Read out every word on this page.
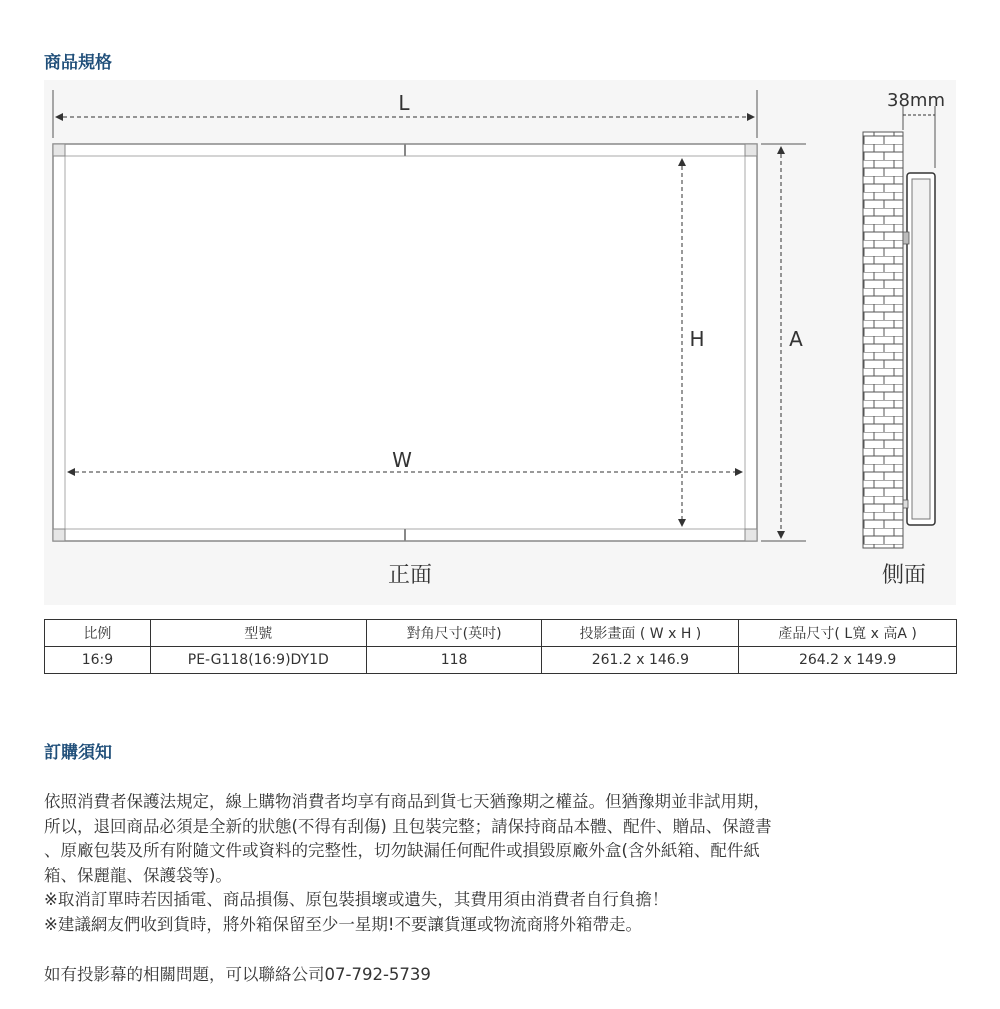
商品規格
L
W
H	A
正面
38mm
側面
比例	型號	對角尺寸(英吋)	投影畫面 ( W x H )	產品尺寸( L寬 x 高A )
16:9	PE-G118(16:9)DY1D	118	261.2 x 146.9	264.2 x 149.9
訂購須知
依照消費者保護法規定，線上購物消費者均享有商品到貨七天猶豫期之權益。但猶豫期並非試用期，
所以，退回商品必須是全新的狀態(不得有刮傷) 且包裝完整；請保持商品本體、配件、贈品、保證書
、原廠包裝及所有附隨文件或資料的完整性，切勿缺漏任何配件或損毀原廠外盒(含外紙箱、配件紙
箱、保麗龍、保護袋等)。
※取消訂單時若因插電、商品損傷、原包裝損壞或遺失，其費用須由消費者自行負擔！
※建議網友們收到貨時，將外箱保留至少一星期!不要讓貨運或物流商將外箱帶走。

如有投影幕的相關問題，可以聯絡公司07-792-5739
